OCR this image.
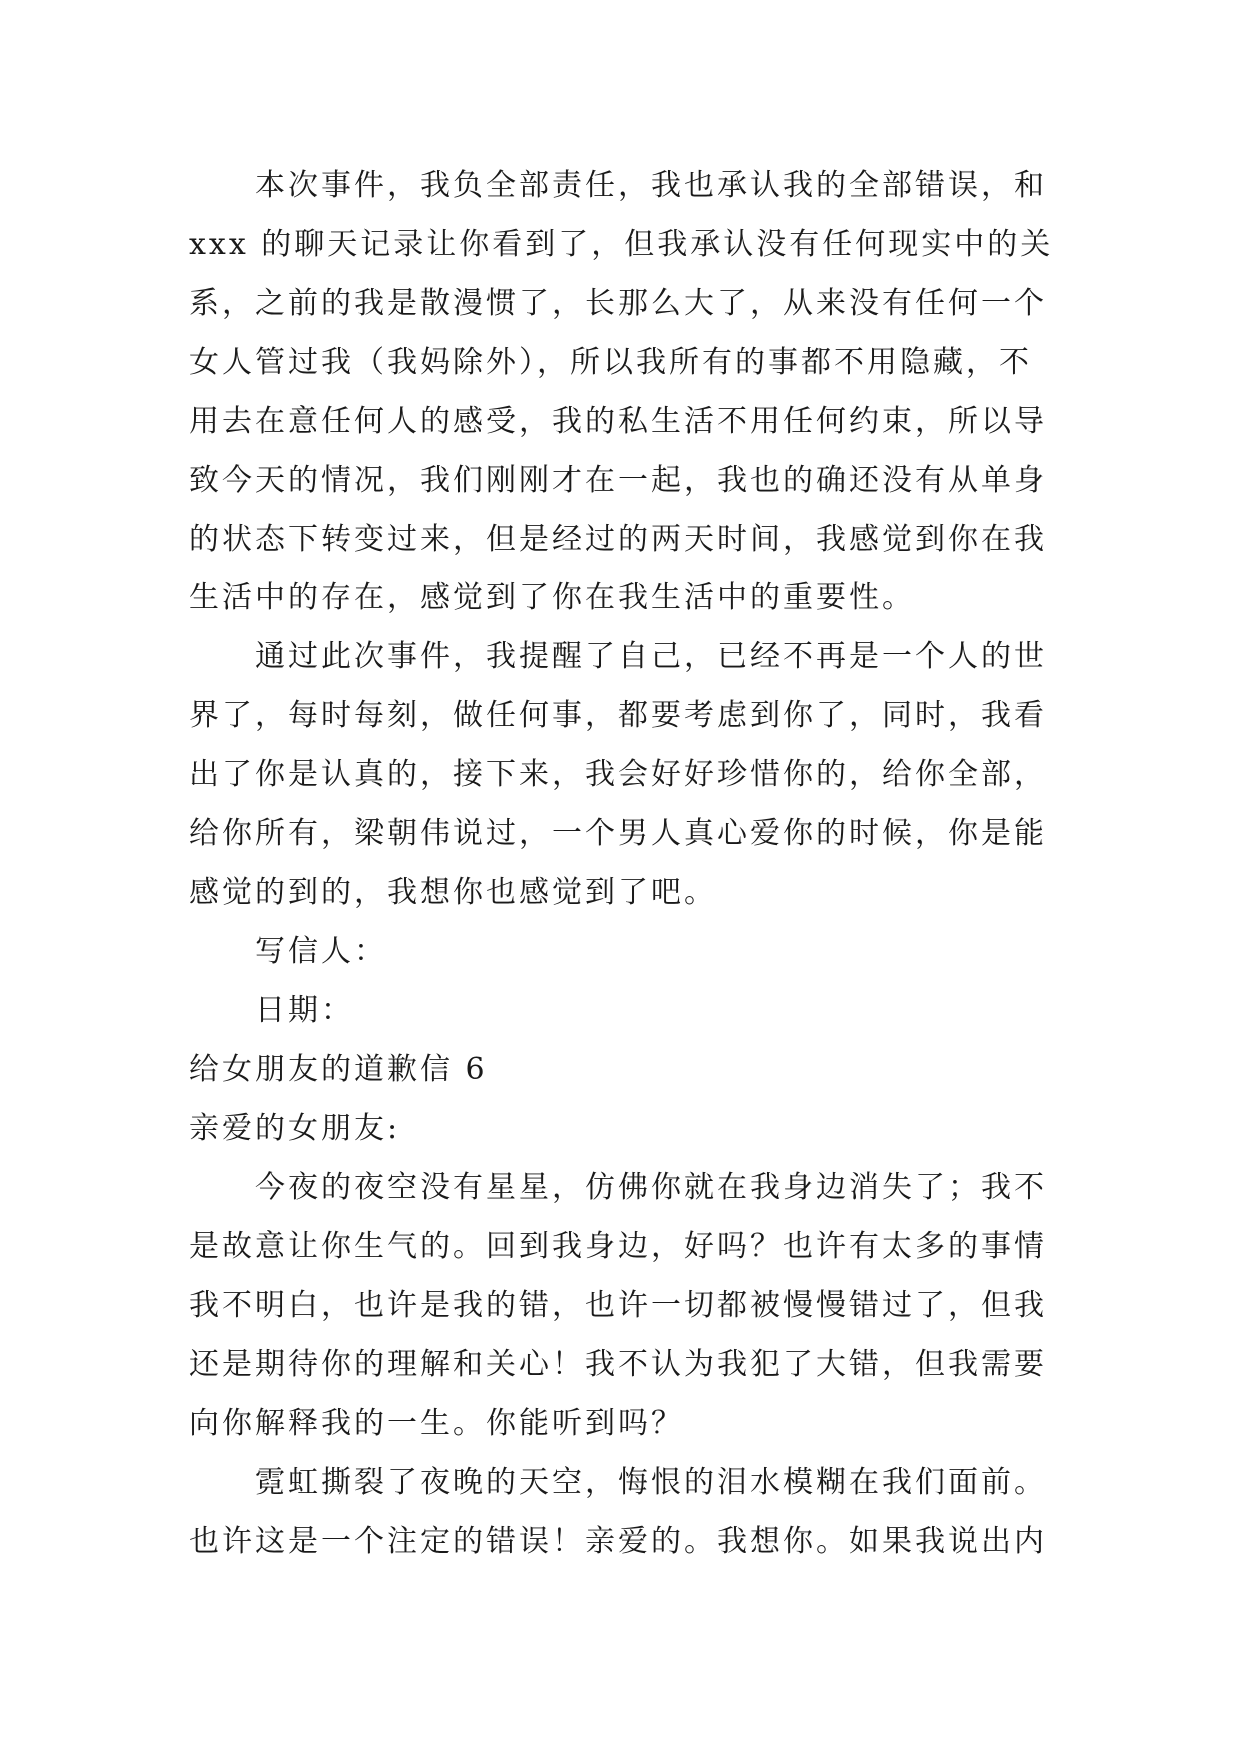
本次事件，我负全部责任，我也承认我的全部错误，和
xxx 的聊天记录让你看到了，但我承认没有任何现实中的关
系，之前的我是散漫惯了，长那么大了，从来没有任何一个
女人管过我（我妈除外），所以我所有的事都不用隐藏，不
用去在意任何人的感受，我的私生活不用任何约束，所以导
致今天的情况，我们刚刚才在一起，我也的确还没有从单身
的状态下转变过来，但是经过的两天时间，我感觉到你在我
生活中的存在，感觉到了你在我生活中的重要性。
通过此次事件，我提醒了自己，已经不再是一个人的世
界了，每时每刻，做任何事，都要考虑到你了，同时，我看
出了你是认真的，接下来，我会好好珍惜你的，给你全部，
给你所有，梁朝伟说过，一个男人真心爱你的时候，你是能
感觉的到的，我想你也感觉到了吧。
写信人：
日期：
给女朋友的道歉信 6
亲爱的女朋友:
今夜的夜空没有星星，仿佛你就在我身边消失了；我不
是故意让你生气的。回到我身边，好吗？也许有太多的事情
我不明白，也许是我的错，也许一切都被慢慢错过了，但我
还是期待你的理解和关心！我不认为我犯了大错，但我需要
向你解释我的一生。你能听到吗？
霓虹撕裂了夜晚的天空，悔恨的泪水模糊在我们面前。
也许这是一个注定的错误！亲爱的。我想你。如果我说出内
